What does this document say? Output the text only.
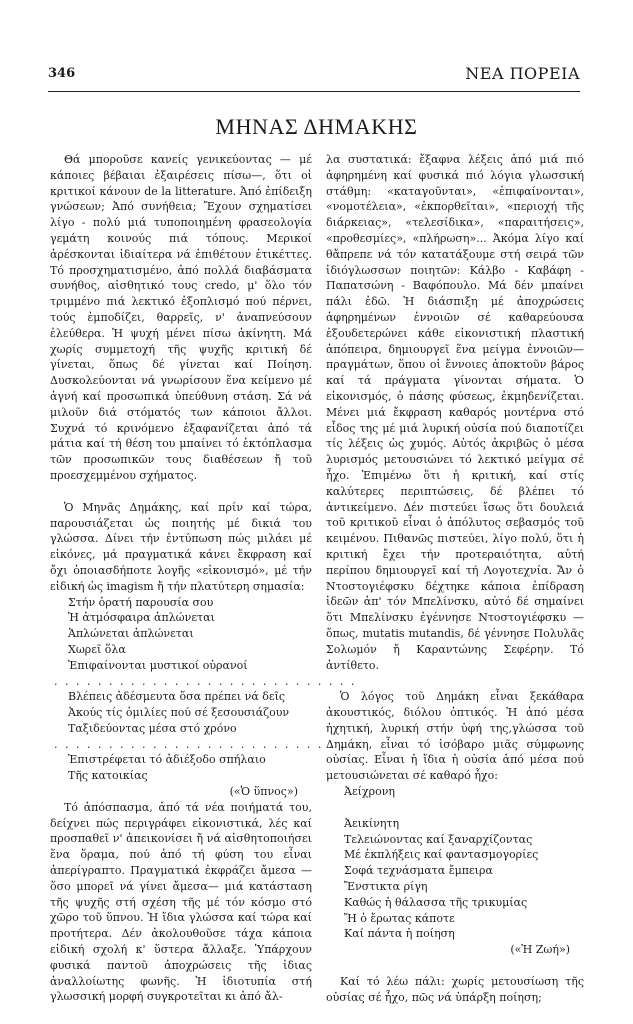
346	ΝΕΑ ΠΟΡΕΙΑ
ΜΗΝΑΣ ΔΗΜΑΚΗΣ

Θά μποροῦσε κανείς γενικεύοντας — μέ κάποιες βέβαιαι ἐξαιρέσεις πίσω—, ὅτι οἱ κριτικοί κάνουν de la litterature. Ἀπό ἐπίδειξη γνώσεων; Ἀπό συνήθεια; Ἔχουν σχηματίσει λίγο - πολύ μιά τυποποιημένη φρασεολογία γεμάτη κοινούς πιά τόπους. Μερικοί ἀρέσκονται ἰδιαίτερα νά ἐπιθέτουν ἐτικέττες. Τό προσχηματισμένο, ἀπό πολλά διαβάσματα συνήθος, αἰσθητικό τους credo, μ' ὅλο τόν τριμμένο πιά λεκτικό ἐξοπλισμό πού πέρνει, τούς ἐμποδίζει, θαρρεῖς, ν' ἀναπνεύσουν ἐλεύθερα. Ἡ ψυχή μένει πίσω ἀκίνητη. Μά χωρίς συμμετοχή τῆς ψυχῆς κριτική δέ γίνεται, ὅπως δέ γίνεται καί Ποίηση. Δυσκολεύονται νά γνωρίσουν ἕνα κείμενο μέ ἁγνή καί προσωπικά ὑπεύθυνη στάση. Σά νά μιλοῦν διά στόματός των κάποιοι ἄλλοι. Συχνά τό κρινόμενο ἐξαφανίζεται ἀπό τά μάτια καί τή θέση του μπαίνει τό ἐκτόπλασμα τῶν προσωπικῶν τους διαθέσεων ἤ τοῦ προεσχεμμένου σχήματος.

Ὁ Μηνᾶς Δημάκης, καί πρίν καί τώρα, παρουσιάζεται ὡς ποιητής μέ δικιά του γλώσσα. Δίνει τήν ἐντύπωση πώς μιλάει μέ εἰκόνες, μά πραγματικά κάνει ἔκφραση καί ὄχι ὁποιασδήποτε λογῆς «εἰκονισμό», μέ τήν εἰδική ὡς imagism ἤ τήν πλατύτερη σημασία:

Στήν ὁρατή παρουσία σου

Ἡ ἀτμόσφαιρα ἁπλώνεται

Ἁπλώνεται ἁπλώνεται

Χωρεῖ ὅλα

Ἐπιφαίνονται μυστικοί οὐρανοί

. . . . . . . . . . . . . . . . . . . . . . . . . . . .

Βλέπεις ἀδέσμευτα ὅσα πρέπει νά δεῖς

Ἀκούς τίς ὁμιλίες πού σέ ξεσουσιάζουν

Ταξιδεύοντας μέσα στό χρόνο

. . . . . . . . . . . . . . . . . . . . . . . . . . . .

Ἐπιστρέφεται τό ἀδιέξοδο σπήλαιο

Τῆς κατοικίας

(«Ὁ ὕπνος»)

Τό ἀπόσπασμα, ἀπό τά νέα ποιήματά του, δείχνει πώς περιγράφει εἰκονιστικά, λές καί προσπαθεῖ ν' ἀπεικονίσει ἤ νά αἰσθητοποιήσει ἕνα ὅραμα, πού ἀπό τή φύση του εἶναι ἀπερίγραπτο. Πραγματικά ἐκφράζει ἄμεσα —ὅσο μπορεῖ νά γίνει ἄμεσα— μιά κατάσταση τῆς ψυχῆς στή σχέση τῆς μέ τόν κόσμο στό χῶρο τοῦ ὕπνου. Ἡ ἴδια γλώσσα καί τώρα καί προτήτερα. Δέν ἀκολουθοῦσε τάχα κάποια εἰδική σχολή κ' ὕστερα ἄλλαξε. Ὑπάρχουν φυσικά παντοῦ ἀποχρώσεις τῆς ἰδιας ἀναλλοίωτης φωνῆς. Ἡ ἰδιοτυπία στή γλωσσική μορφή συγκροτεῖται κι ἀπό ἄλ-

λα συστατικά: ἔξαφνα λέξεις ἀπό μιά πιό ἀφηρημένη καί φυσικά πιό λόγια γλωσσική στάθμη: «καταγοῦνται», «ἐπιφαίνονται», «νομοτέλεια», «ἐκπορθεῖται», «περιοχή τῆς διάρκειας», «τελεσίδικα», «παραιτήσεις», «προθεσμίες», «πλήρωση»... Ἀκόμα λίγο καί θἄπρεπε νά τόν κατατάξουμε στή σειρά τῶν ἰδιόγλωσσων ποιητῶν: Κάλβο - Καβάφη - Παπατσώνη - Βαφόπουλο. Μά δέν μπαίνει πάλι ἐδῶ. Ἡ διάσπιξη μέ ἀποχρώσεις ἀφηρημένων ἐννοιῶν σέ καθαρεύουσα ἐξουδετερώνει κάθε εἰκονιστική πλαστική ἀπόπειρα, δημιουργεῖ ἕνα μείγμα ἐννοιῶν—πραγμάτων, ὅπου οἱ ἔννοιες ἀποκτοῦν βάρος καί τά πράγματα γίνονται σήματα. Ὁ εἰκονισμός, ὁ πάσης φύσεως, ἐκμηδενίζεται. Μένει μιά ἔκφραση καθαρός μοντέρνα στό εἶδος της μέ μιά λυρική οὐσία πού διαποτίζει τίς λέξεις ὡς χυμός. Αὐτός ἀκριβῶς ὁ μέσα λυρισμός μετουσιώνει τό λεκτικό μείγμα σέ ἦχο. Ἐπιμένω ὅτι ἡ κριτική, καί στίς καλύτερες περιπτώσεις, δέ βλέπει τό ἀντικείμενο. Δέν πιστεύει ἴσως ὅτι δουλειά τοῦ κριτικοῦ εἶναι ὁ ἀπόλυτος σεβασμός τοῦ κειμένου. Πιθανῶς πιστεύει, λίγο πολύ, ὅτι ἡ κριτική ἔχει τήν προτεραιότητα, αὐτή περίπου δημιουργεῖ καί τή Λογοτεχνία. Ἄν ὁ Ντοστογιέφσκυ δέχτηκε κάποια ἐπίδραση ἰδεῶν ἀπ' τόν Μπελίνσκυ, αὐτό δέ σημαίνει ὅτι Μπελίνσκυ ἐγέννησε Ντοστογιέφσκυ —ὅπως, mutatis mutandis, δέ γέννησε Πολυλᾶς Σολωμόν ἤ Καραντώνης Σεφέρην. Τό ἀντίθετο.

Ὁ λόγος τοῦ Δημάκη εἶναι ξεκάθαρα ἀκουστικός, διόλου ὀπτικός. Ἡ ἀπό μέσα ἠχητική, λυρική στήν ὑφή της,γλώσσα τοῦ Δημάκη, εἶναι τό ἰσόβαρο μιᾶς σύμφωνης οὐσίας. Εἶναι ἡ ἴδια ἡ οὐσία ἀπό μέσα πού μετουσιώνεται σέ καθαρό ἦχο:

Ἀείχρονη

Ἀεικίνητη

Τελειώνοντας καί ξαναρχίζοντας

Μέ ἐκπλήξεις καί φαντασμογορίες

Σοφά τεχνάσματα ἔμπειρα

Ἔνστικτα ρίγη

Καθώς ἡ θάλασσα τῆς τρικυμίας

Ἤ ὁ ἔρωτας κάποτε

Καί πάντα ἡ ποίηση

(«Ἡ Ζωή»)

Καί τό λέω πάλι: χωρίς μετουσίωση τῆς οὐσίας σέ ἦχο, πῶς νά ὑπάρξη ποίηση;
